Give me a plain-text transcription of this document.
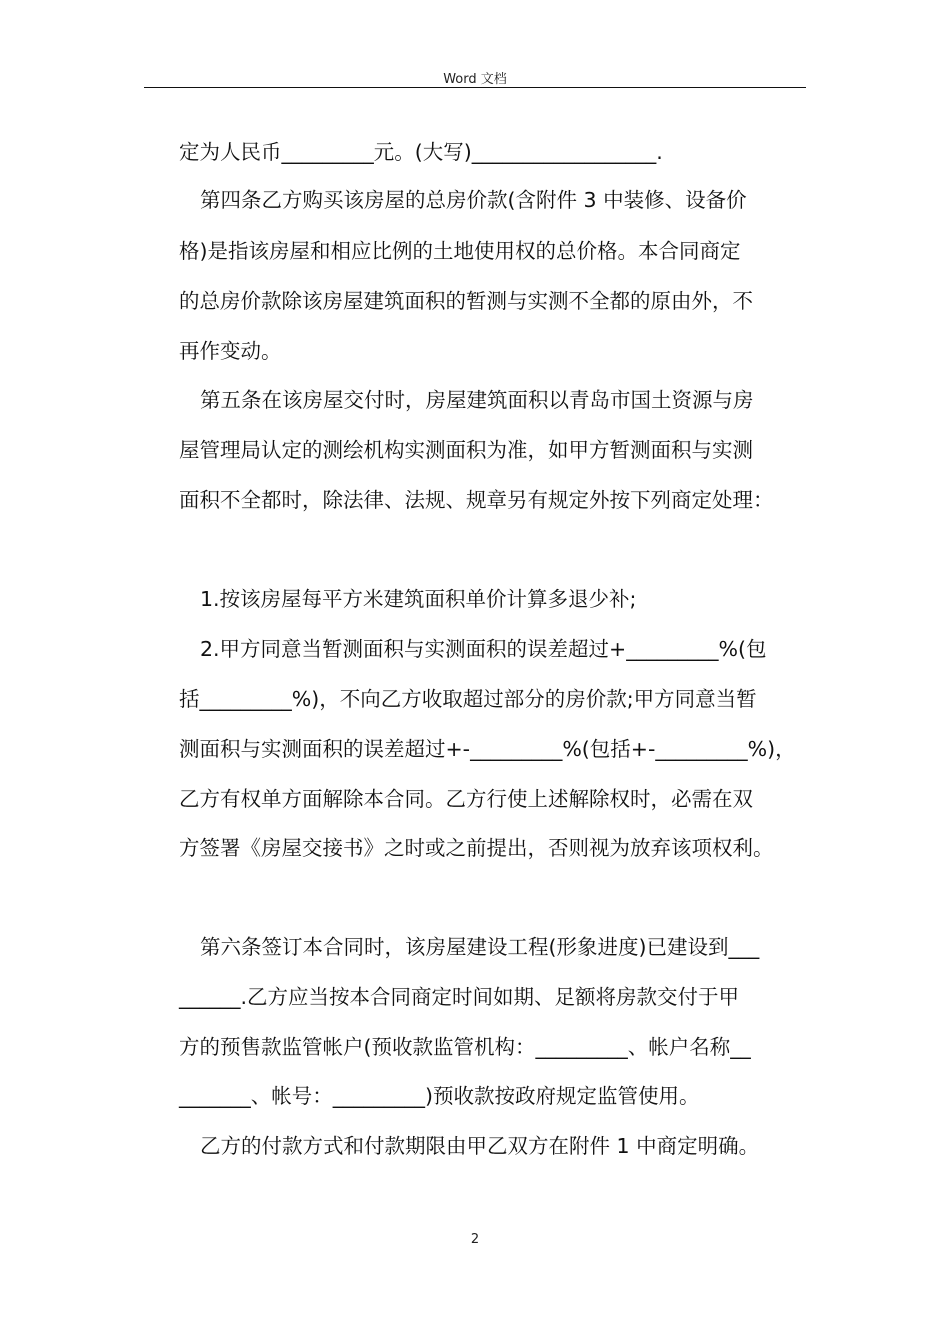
Word 文档
定为人民币_________元。(大写)__________________.
第四条乙方购买该房屋的总房价款(含附件 3 中装修、设备价
格)是指该房屋和相应比例的土地使用权的总价格。本合同商定
的总房价款除该房屋建筑面积的暂测与实测不全都的原由外，不
再作变动。
第五条在该房屋交付时，房屋建筑面积以青岛市国土资源与房
屋管理局认定的测绘机构实测面积为准，如甲方暂测面积与实测
面积不全都时，除法律、法规、规章另有规定外按下列商定处理：
1.按该房屋每平方米建筑面积单价计算多退少补;
2.甲方同意当暂测面积与实测面积的误差超过+_________%(包
括_________%)，不向乙方收取超过部分的房价款;甲方同意当暂
测面积与实测面积的误差超过+-_________%(包括+-_________%)，
乙方有权单方面解除本合同。乙方行使上述解除权时，必需在双
方签署《房屋交接书》之时或之前提出，否则视为放弃该项权利。
第六条签订本合同时，该房屋建设工程(形象进度)已建设到___
______.乙方应当按本合同商定时间如期、足额将房款交付于甲
方的预售款监管帐户(预收款监管机构：_________、帐户名称__
_______、帐号：_________)预收款按政府规定监管使用。
乙方的付款方式和付款期限由甲乙双方在附件 1 中商定明确。
2
